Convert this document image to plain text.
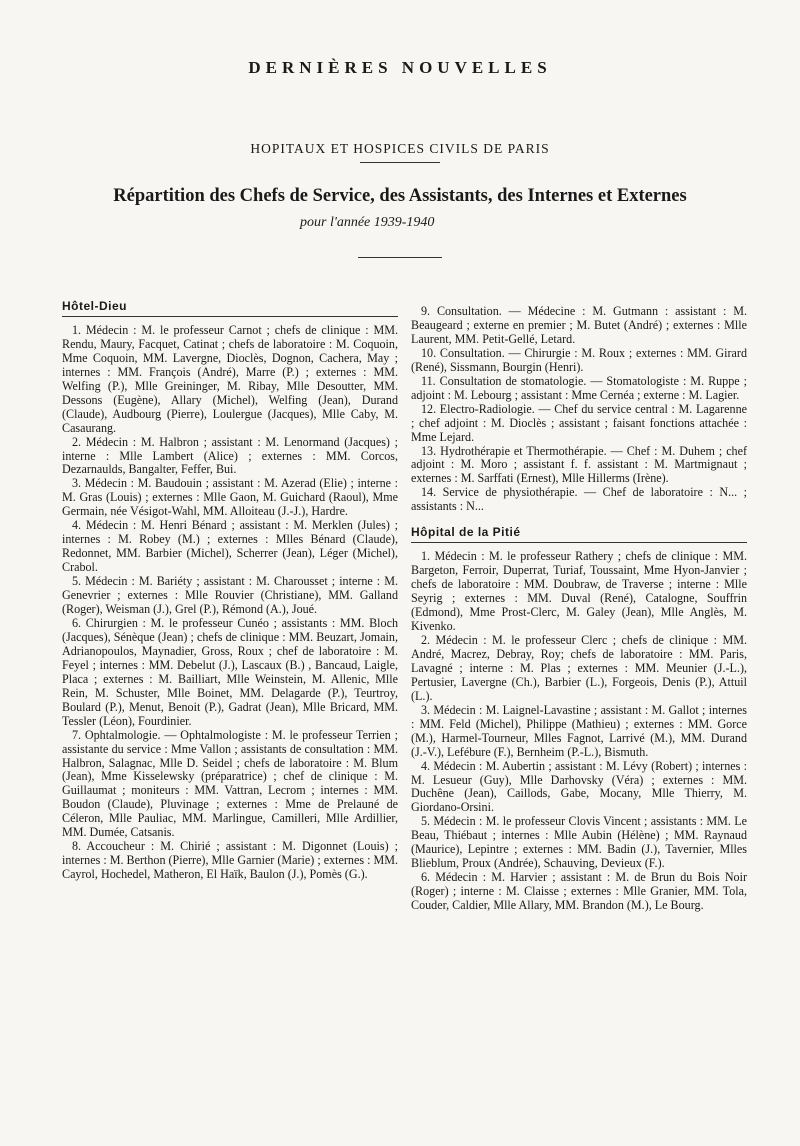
DERNIÈRES NOUVELLES
HOPITAUX ET HOSPICES CIVILS DE PARIS
Répartition des Chefs de Service, des Assistants, des Internes et Externes
pour l'année 1939-1940
Hôtel-Dieu

1. Médecin : M. le professeur Carnot ; chefs de clinique : MM. Rendu, Maury, Facquet, Catinat ; chefs de laboratoire : M. Coquoin, Mme Coquoin, MM. Lavergne, Dioclès, Dognon, Cachera, May ; internes : MM. François (André), Marre (P.) ; externes : MM. Welfing (P.), Mlle Greininger, M. Ribay, Mlle Desoutter, MM. Dessons (Eugène), Allary (Michel), Welfing (Jean), Durand (Claude), Audbourg (Pierre), Loulergue (Jacques), Mlle Caby, M. Casaurang.

2. Médecin : M. Halbron ; assistant : M. Lenormand (Jacques) ; interne : Mlle Lambert (Alice) ; externes : MM. Corcos, Dezarnaulds, Bangalter, Feffer, Bui.

3. Médecin : M. Baudouin ; assistant : M. Azerad (Elie) ; interne : M. Gras (Louis) ; externes : Mlle Gaon, M. Guichard (Raoul), Mme Germain, née Vésigot-Wahl, MM. Alloiteau (J.-J.), Hardre.

4. Médecin : M. Henri Bénard ; assistant : M. Merklen (Jules) ; internes : M. Robey (M.) ; externes : Mlles Bénard (Claude), Redonnet, MM. Barbier (Michel), Scherrer (Jean), Léger (Michel), Crabol.

5. Médecin : M. Bariéty ; assistant : M. Charousset ; interne : M. Genevrier ; externes : Mlle Rouvier (Christiane), MM. Galland (Roger), Weisman (J.), Grel (P.), Rémond (A.), Joué.

6. Chirurgien : M. le professeur Cunéo ; assistants : MM. Bloch (Jacques), Sénèque (Jean) ; chefs de clinique : MM. Beuzart, Jomain, Adrianopoulos, Maynadier, Gross, Roux ; chef de laboratoire : M. Feyel ; internes : MM. Debelut (J.), Lascaux (B.) , Bancaud, Laigle, Placa ; externes : M. Bailliart, Mlle Weinstein, M. Allenic, Mlle Rein, M. Schuster, Mlle Boinet, MM. Delagarde (P.), Teurtroy, Boulard (P.), Menut, Benoit (P.), Gadrat (Jean), Mlle Bricard, MM. Tessler (Léon), Fourdinier.

7. Ophtalmologie. — Ophtalmologiste : M. le professeur Terrien ; assistante du service : Mme Vallon ; assistants de consultation : MM. Halbron, Salagnac, Mlle D. Seidel ; chefs de laboratoire : M. Blum (Jean), Mme Kisselewsky (préparatrice) ; chef de clinique : M. Guillaumat ; moniteurs : MM. Vattran, Lecrom ; internes : MM. Boudon (Claude), Pluvinage ; externes : Mme de Prelauné de Céleron, Mlle Pauliac, MM. Marlingue, Camilleri, Mlle Ardillier, MM. Dumée, Catsanis.

8. Accoucheur : M. Chirié ; assistant : M. Digonnet (Louis) ; internes : M. Berthon (Pierre), Mlle Garnier (Marie) ; externes : MM. Cayrol, Hochedel, Matheron, El Haïk, Baulon (J.), Pomès (G.).

9. Consultation. — Médecine : M. Gutmann : assistant : M. Beaugeard ; externe en premier ; M. Butet (André) ; externes : Mlle Laurent, MM. Petit-Gellé, Letard.

10. Consultation. — Chirurgie : M. Roux ; externes : MM. Girard (René), Sissmann, Bourgin (Henri).

11. Consultation de stomatologie. — Stomatologiste : M. Ruppe ; adjoint : M. Lebourg ; assistant : Mme Cernéa ; externe : M. Lagier.

12. Electro-Radiologie. — Chef du service central : M. Lagarenne ; chef adjoint : M. Dioclès ; assistant ; faisant fonctions attachée : Mme Lejard.

13. Hydrothérapie et Thermothérapie. — Chef : M. Duhem ; chef adjoint : M. Moro ; assistant f. f. assistant : M. Martmignaut ; externes : M. Sarffati (Ernest), Mlle Hillerms (Irène).

14. Service de physiothérapie. — Chef de laboratoire : N... ; assistants : N...

Hôpital de la Pitié

1. Médecin : M. le professeur Rathery ; chefs de clinique : MM. Bargeton, Ferroir, Duperrat, Turiaf, Toussaint, Mme Hyon-Janvier ; chefs de laboratoire : MM. Doubraw, de Traverse ; interne : Mlle Seyrig ; externes : MM. Duval (René), Catalogne, Souffrin (Edmond), Mme Prost-Clerc, M. Galey (Jean), Mlle Anglès, M. Kivenko.

2. Médecin : M. le professeur Clerc ; chefs de clinique : MM. André, Macrez, Debray, Roy; chefs de laboratoire : MM. Paris, Lavagné ; interne : M. Plas ; externes : MM. Meunier (J.-L.), Pertusier, Lavergne (Ch.), Barbier (L.), Forgeois, Denis (P.), Attuil (L.).

3. Médecin : M. Laignel-Lavastine ; assistant : M. Gallot ; internes : MM. Feld (Michel), Philippe (Mathieu) ; externes : MM. Gorce (M.), Harmel-Tourneur, Mlles Fagnot, Larrivé (M.), MM. Durand (J.-V.), Lefébure (F.), Bernheim (P.-L.), Bismuth.

4. Médecin : M. Aubertin ; assistant : M. Lévy (Robert) ; internes : M. Lesueur (Guy), Mlle Darhovsky (Véra) ; externes : MM. Duchêne (Jean), Caillods, Gabe, Mocany, Mlle Thierry, M. Giordano-Orsini.

5. Médecin : M. le professeur Clovis Vincent ; assistants : MM. Le Beau, Thiébaut ; internes : Mlle Aubin (Hélène) ; MM. Raynaud (Maurice), Lepintre ; externes : MM. Badin (J.), Tavernier, Mlles Blieblum, Proux (Andrée), Schauving, Devieux (F.).

6. Médecin : M. Harvier ; assistant : M. de Brun du Bois Noir (Roger) ; interne : M. Claisse ; externes : Mlle Granier, MM. Tola, Couder, Caldier, Mlle Allary, MM. Brandon (M.), Le Bourg.
